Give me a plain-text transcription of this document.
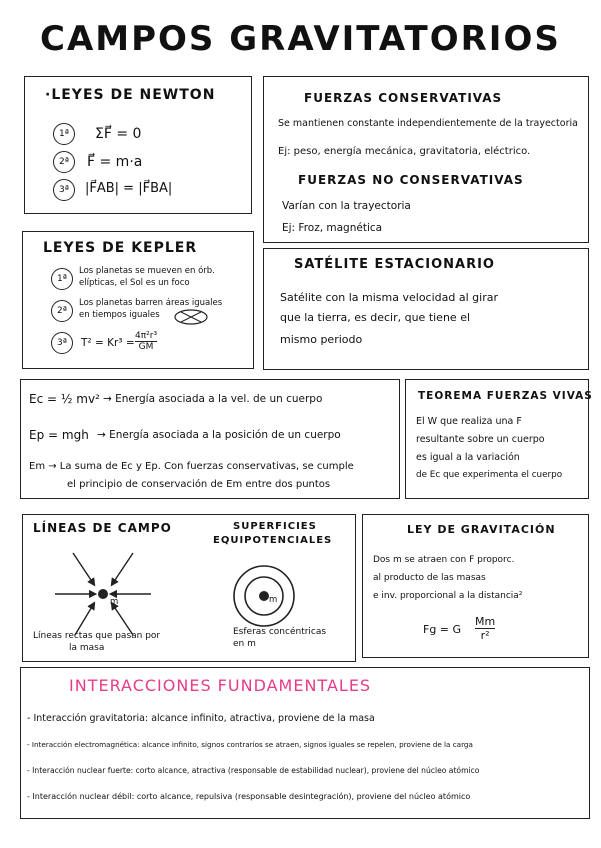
CAMPOS GRAVITATORIOS
·LEYES DE NEWTON
1ª	ΣF⃗ = 0
2ª	F⃗ = m·a
3ª	|F⃗AB| = |F⃗BA|
FUERZAS CONSERVATIVAS
Se mantienen constante independientemente de la trayectoria
Ej: peso, energía mecánica, gravitatoria, eléctrico.
FUERZAS NO CONSERVATIVAS
Varían con la trayectoria
Ej: Froz, magnética
LEYES DE KEPLER
1ª
Los planetas se mueven en órb.
elípticas, el Sol es un foco
2ª
Los planetas barren áreas iguales
en tiempos iguales
3ª	$T^2 = Kr^3 = \frac{\text{4π²r³}}{GM}$
SATÉLITE ESTACIONARIO
Satélite con la misma velocidad al girar
que la tierra, es decir, que tiene el
mismo periodo
Ec = ½ mv² → Energía asociada a la vel. de un cuerpo
Ep = mgh → Energía asociada a la posición de un cuerpo
Em → La suma de Ec y Ep. Con fuerzas conservativas, se cumple
el principio de conservación de Em entre dos puntos
TEOREMA FUERZAS VIVAS
El W que realiza una F
resultante sobre un cuerpo
es igual a la variación
de Ec que experimenta el cuerpo
LÍNEAS DE CAMPO
m
Líneas rectas que pasan por
la masa
SUPERFICIES
EQUIPOTENCIALES
m
Esferas concéntricas
en m
LEY DE GRAVITACIÓN
Dos m se atraen con F proporc.
al producto de las masas
e inv. proporcional a la distancia²
Fg = G $\frac{Mm}{\text{r²}}$
INTERACCIONES FUNDAMENTALES
- Interacción gravitatoria: alcance infinito, atractiva, proviene de la masa
- Interacción electromagnética: alcance infinito, signos contrarios se atraen, signos iguales se repelen, proviene de la carga
- Interacción nuclear fuerte: corto alcance, atractiva (responsable de estabilidad nuclear), proviene del núcleo atómico
- Interacción nuclear débil: corto alcance, repulsiva (responsable desintegración), proviene del núcleo atómico
